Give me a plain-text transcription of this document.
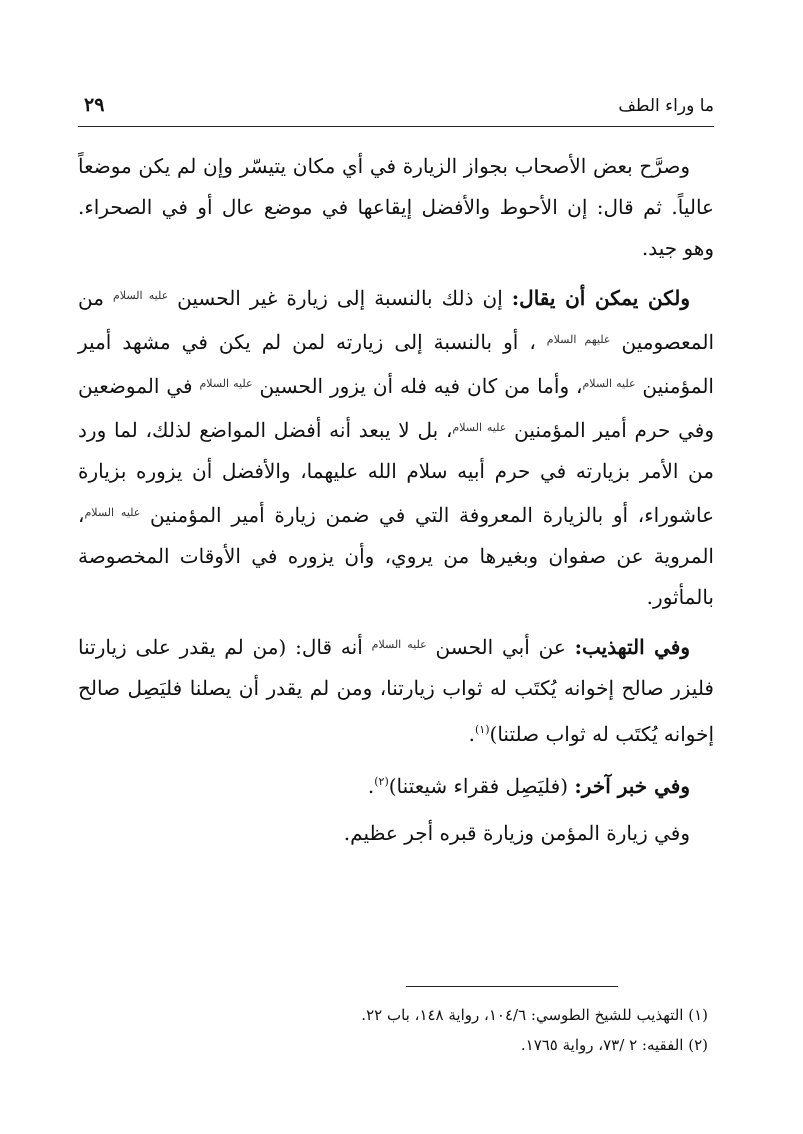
ما وراء الطف
٢٩

وصرَّح بعض الأصحاب بجواز الزيارة في أي مكان يتيسّر وإن لم يكن موضعاً عالياً. ثم قال: إن الأحوط والأفضل إيقاعها في موضع عال أو في الصحراء. وهو جيد.

ولكن يمكن أن يقال: إن ذلك بالنسبة إلى زيارة غير الحسين $^{عليه السلام}$ من المعصومين $^{عليهم السلام}$ ، أو بالنسبة إلى زيارته لمن لم يكن في مشهد أمير المؤمنين $^{عليه السلام}$، وأما من كان فيه فله أن يزور الحسين $^{عليه السلام}$ في الموضعين وفي حرم أمير المؤمنين $^{عليه السلام}$، بل لا يبعد أنه أفضل المواضع لذلك، لما ورد من الأمر بزيارته في حرم أبيه سلام الله عليهما، والأفضل أن يزوره بزيارة عاشوراء، أو بالزيارة المعروفة التي في ضمن زيارة أمير المؤمنين $^{عليه السلام}$، المروية عن صفوان وبغيرها من يروي، وأن يزوره في الأوقات المخصوصة بالمأثور.

وفي التهذيب: عن أبي الحسن $^{عليه السلام}$ أنه قال: (من لم يقدر على زيارتنا فليزر صالح إخوانه يُكتَب له ثواب زيارتنا، ومن لم يقدر أن يصلنا فليَصِل صالح إخوانه يُكتَب له ثواب صلتنا)$^{(١)}$.

وفي خبر آخر: (فليَصِل فقراء شيعتنا)$^{(٢)}$.

وفي زيارة المؤمن وزيارة قبره أجر عظيم.

(١) التهذيب للشيخ الطوسي: ١٠٤/٦، رواية ١٤٨، باب ٢٢.
(٢) الفقيه: ٢ /٧٣، رواية ١٧٦٥.
